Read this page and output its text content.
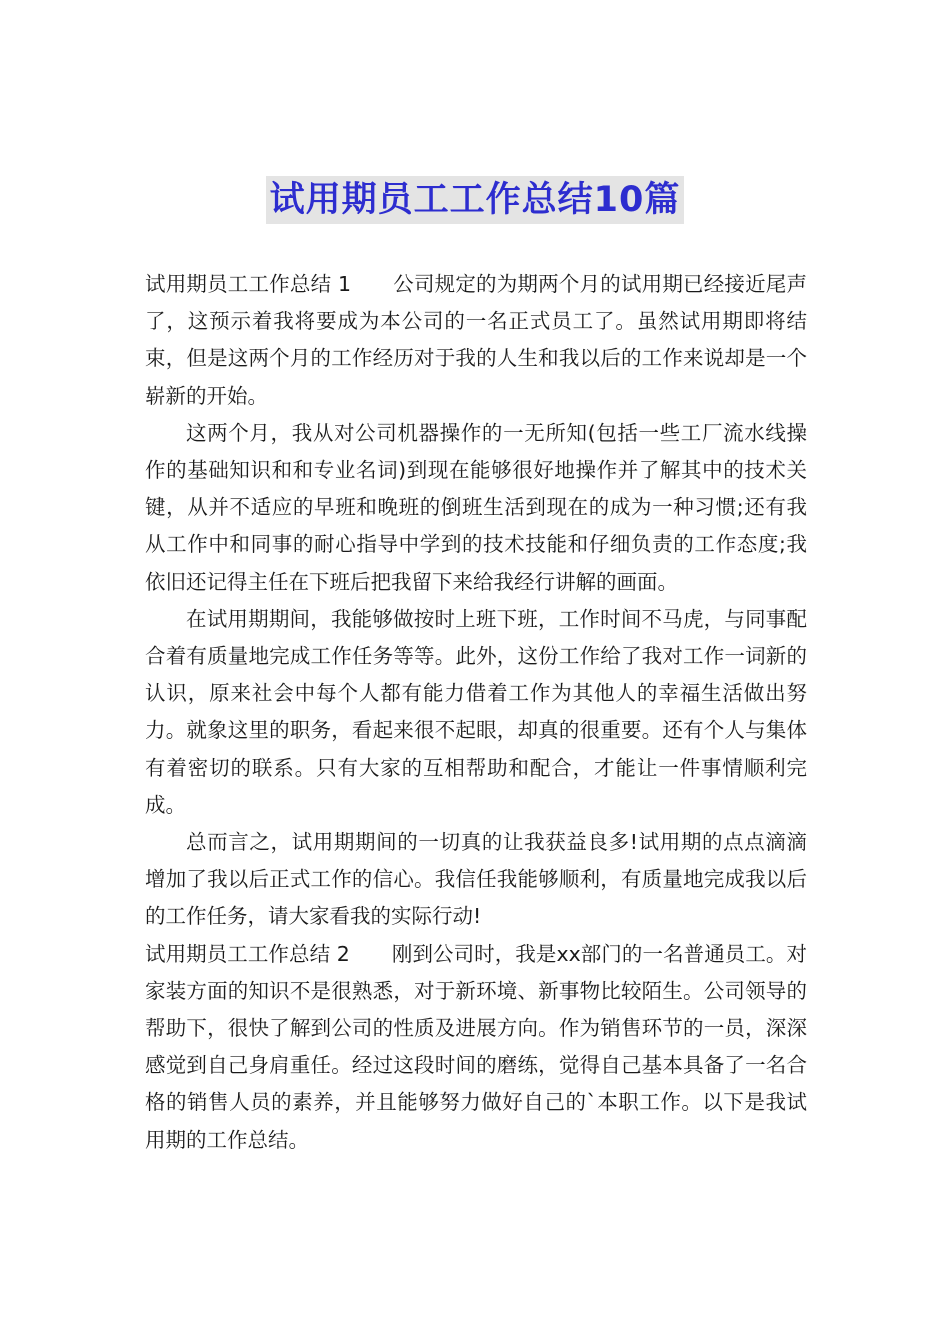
试用期员工工作总结10篇

试用期员工工作总结 1 公司规定的为期两个月的试用期已经接近尾声了，这预示着我将要成为本公司的一名正式员工了。虽然试用期即将结束，但是这两个月的工作经历对于我的人生和我以后的工作来说却是一个崭新的开始。

这两个月，我从对公司机器操作的一无所知(包括一些工厂流水线操作的基础知识和和专业名词)到现在能够很好地操作并了解其中的技术关键，从并不适应的早班和晚班的倒班生活到现在的成为一种习惯;还有我从工作中和同事的耐心指导中学到的技术技能和仔细负责的工作态度;我依旧还记得主任在下班后把我留下来给我经行讲解的画面。

在试用期期间，我能够做按时上班下班，工作时间不马虎，与同事配合着有质量地完成工作任务等等。此外，这份工作给了我对工作一词新的认识，原来社会中每个人都有能力借着工作为其他人的幸福生活做出努力。就象这里的职务，看起来很不起眼，却真的很重要。还有个人与集体有着密切的联系。只有大家的互相帮助和配合，才能让一件事情顺利完成。

总而言之，试用期期间的一切真的让我获益良多!试用期的点点滴滴增加了我以后正式工作的信心。我信任我能够顺利，有质量地完成我以后的工作任务，请大家看我的实际行动!

试用期员工工作总结 2 刚到公司时，我是xx部门的一名普通员工。对家装方面的知识不是很熟悉，对于新环境、新事物比较陌生。公司领导的帮助下，很快了解到公司的性质及进展方向。作为销售环节的一员，深深感觉到自己身肩重任。经过这段时间的磨练，觉得自己基本具备了一名合格的销售人员的素养，并且能够努力做好自己的`本职工作。以下是我试用期的工作总结。
